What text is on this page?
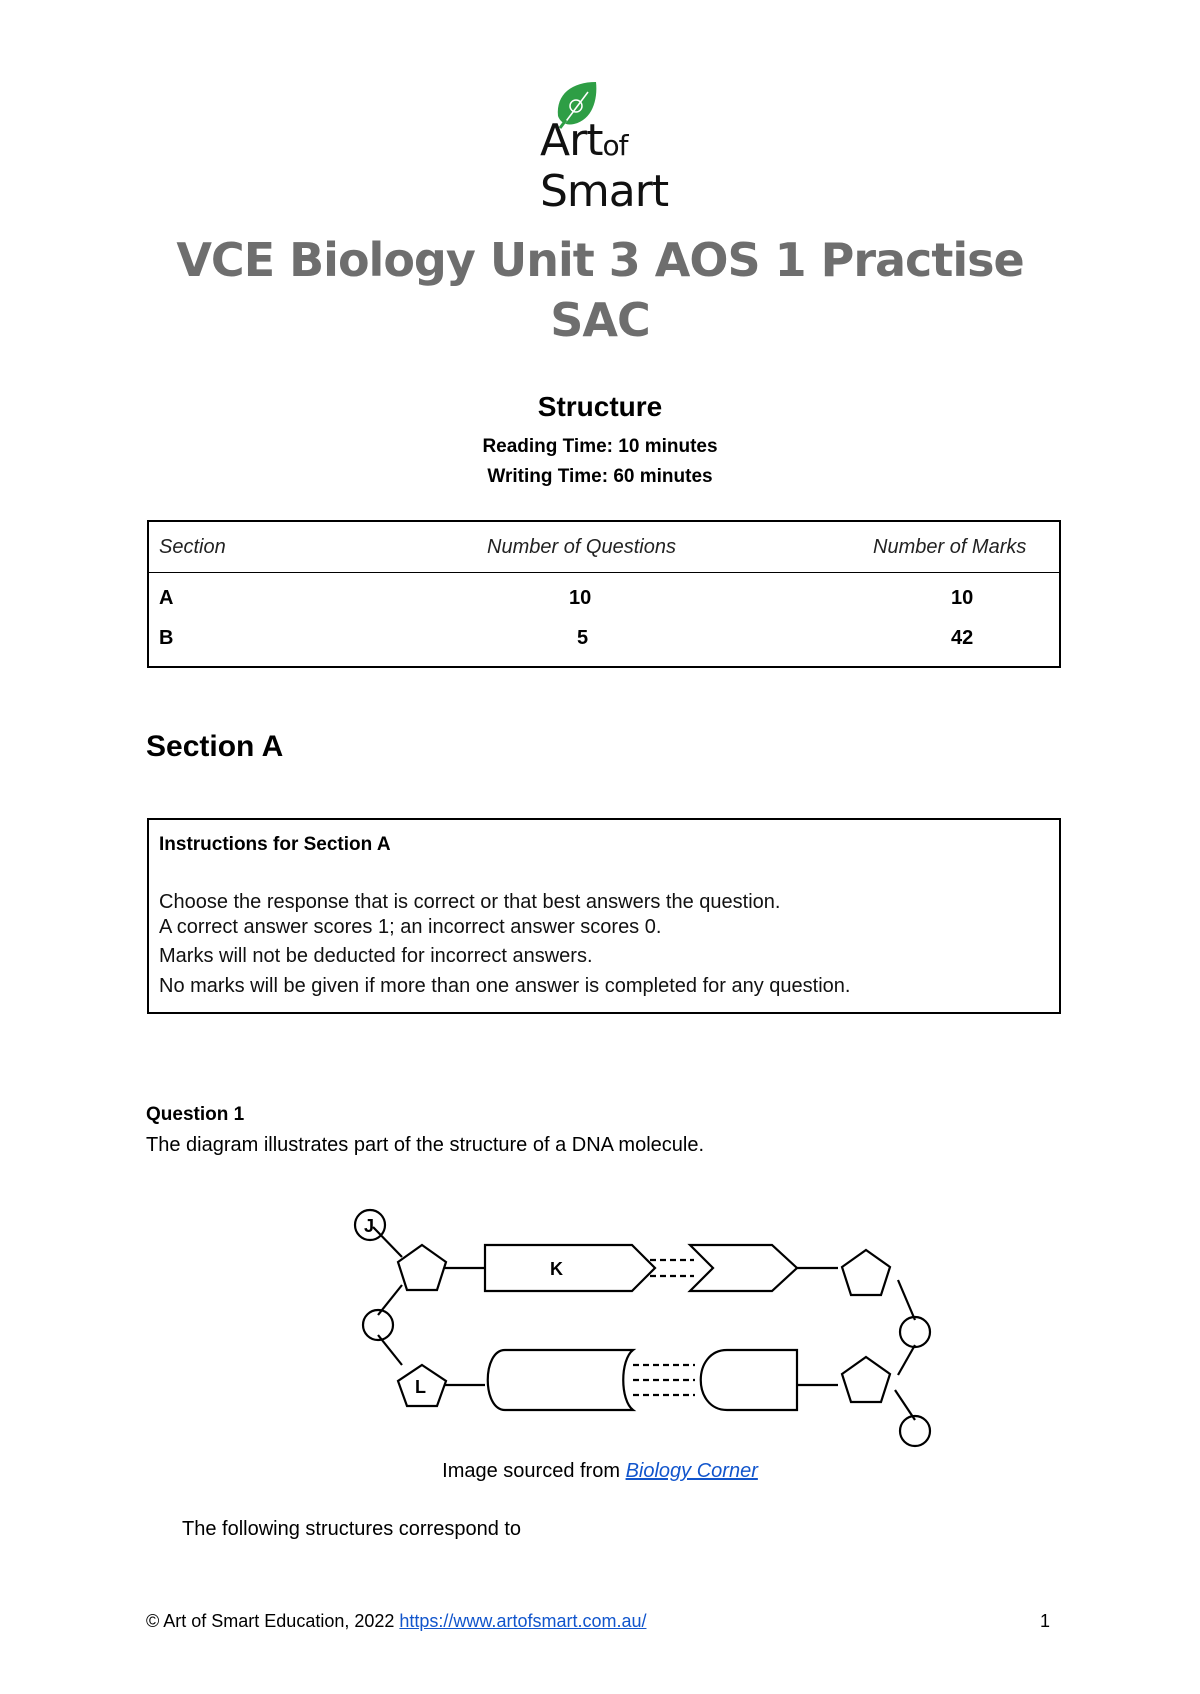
Artof
Smart
VCE Biology Unit 3 AOS 1 Practise
SAC
Structure
Reading Time: 10 minutes
Writing Time: 60 minutes
Section	Number of Questions	Number of Marks
A	10	10
B	5	42
Section A
Instructions for Section A
Choose the response that is correct or that best answers the question.
A correct answer scores 1; an incorrect answer scores 0.
Marks will not be deducted for incorrect answers.
No marks will be given if more than one answer is completed for any question.
Question 1
The diagram illustrates part of the structure of a DNA molecule.
J
K
L
Image sourced from Biology Corner
The following structures correspond to
© Art of Smart Education, 2022 https://www.artofsmart.com.au/	1
